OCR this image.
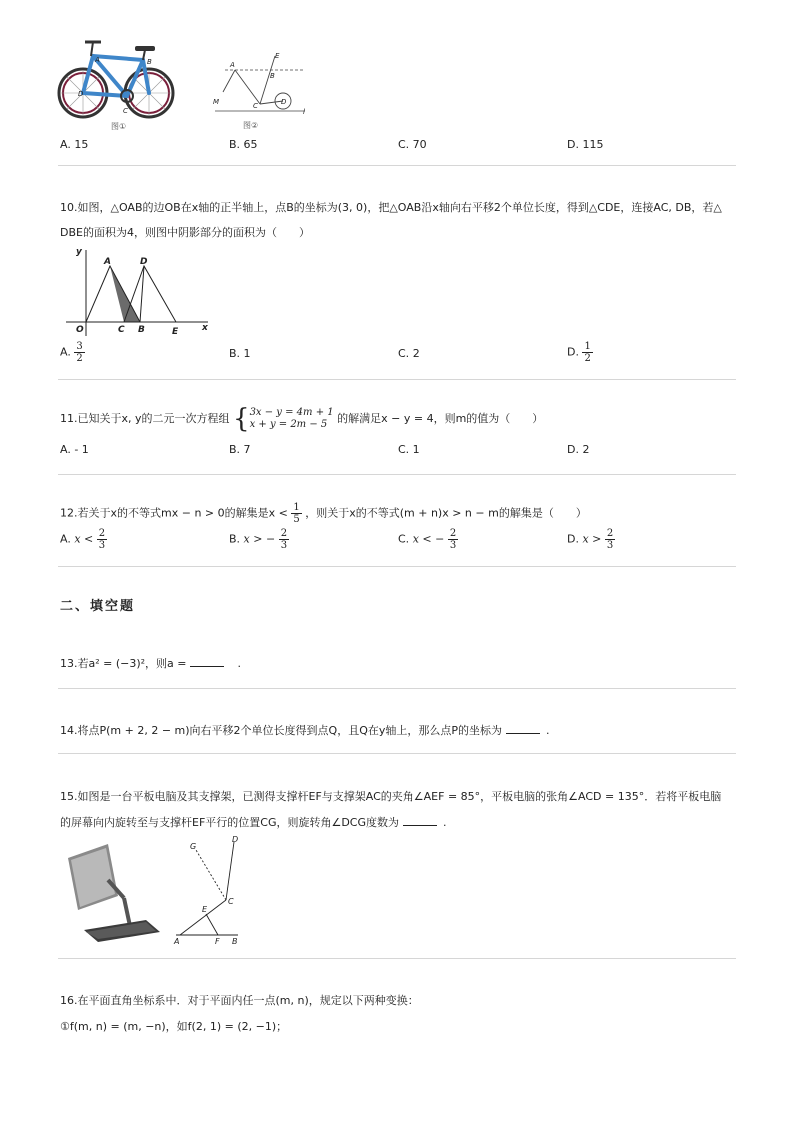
A	B
D
C
图①
E
A
B
M	C	D
l
图②
A. 15	B. 65	C. 70	D. 115
10.如图，△OAB的边OB在x轴的正半轴上，点B的坐标为(3, 0)，把△OAB沿x轴向右平移2个单位长度，得到△CDE，连接AC, DB，若△
DBE的面积为4，则图中阴影部分的面积为（　　）
y
A	D
O	C B	E	x
A. $\frac{3}{2}$	B. 1	C. 2	D. $\frac{1}{2}$
11.已知关于x, y的二元一次方程组 { 3x − y = 4m + 1
x + y = 2m − 5 的解满足x − y = 4，则m的值为（　　）
A. - 1	B. 7	C. 1	D. 2
12.若关于x的不等式mx − n > 0的解集是$x < \frac{1}{5}$ ，则关于x的不等式(m + n)x > n − m的解集是（　　）
A. $x < \frac{2}{3}$	B. x > − $\frac{2}{3}$	C. x < − $\frac{2}{3}$	D. $x > \frac{2}{3}$
二、填空题
13.若a² = (−3)²，则a =	.
14.将点P(m + 2, 2 − m)向右平移2个单位长度得到点Q，且Q在y轴上，那么点P的坐标为	.
15.如图是一台平板电脑及其支撑架，已测得支撑杆EF与支撑架AC的夹角∠AEF = 85°，平板电脑的张角∠ACD = 135°．若将平板电脑
的屏幕向内旋转至与支撑杆EF平行的位置CG，则旋转角∠DCG度数为	.
G
D
C
E
A	F B
16.在平面直角坐标系中．对于平面内任一点(m, n)，规定以下两种变换：
①f(m, n) = (m, −n)，如f(2, 1) = (2, −1)；
